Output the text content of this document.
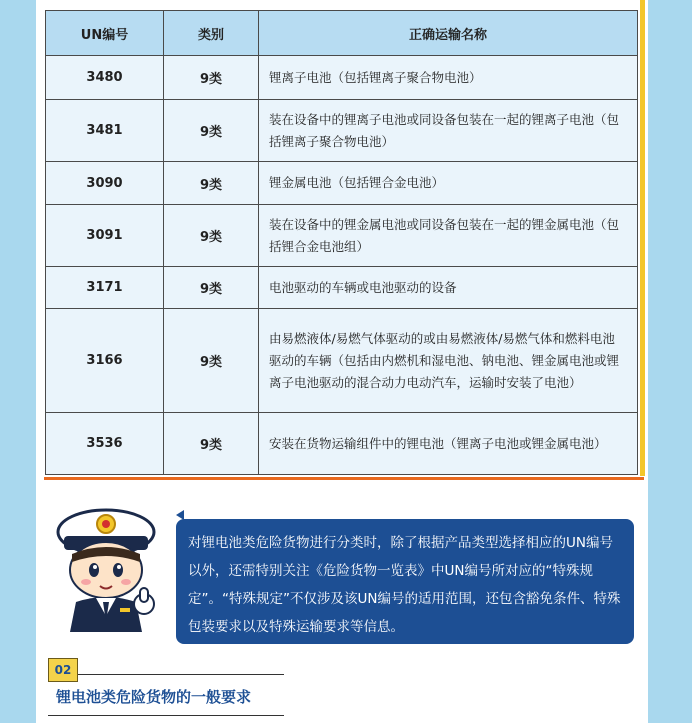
UN编号	类别	正确运输名称
3480	9类	锂离子电池（包括锂离子聚合物电池）
3481	9类	装在设备中的锂离子电池或同设备包装在一起的锂离子电池（包括锂离子聚合物电池）
3090	9类	锂金属电池（包括锂合金电池）
3091	9类	装在设备中的锂金属电池或同设备包装在一起的锂金属电池（包括锂合金电池组）
3171	9类	电池驱动的车辆或电池驱动的设备
3166	9类	由易燃液体/易燃气体驱动的或由易燃液体/易燃气体和燃料电池驱动的车辆（包括由内燃机和湿电池、钠电池、锂金属电池或锂离子电池驱动的混合动力电动汽车，运输时安装了电池）
3536	9类	安装在货物运输组件中的锂电池（锂离子电池或锂金属电池）
对锂电池类危险货物进行分类时，除了根据产品类型选择相应的UN编号以外，还需特别关注《危险货物一览表》中UN编号所对应的“特殊规定”。“特殊规定”不仅涉及该UN编号的适用范围，还包含豁免条件、特殊包装要求以及特殊运输要求等信息。
02
锂电池类危险货物的一般要求
